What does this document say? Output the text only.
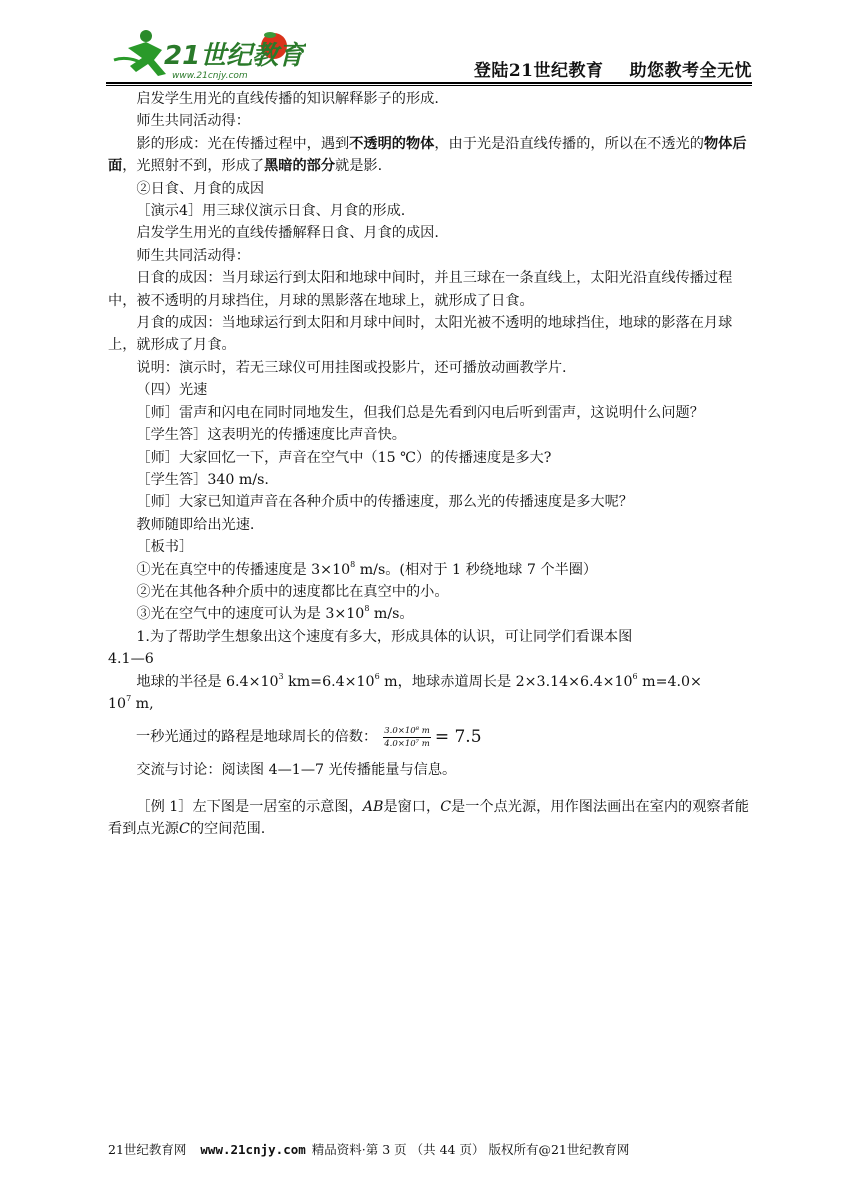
21世纪教育
www.21cnjy.com	登陆21世纪教育 助您教考全无忧

启发学生用光的直线传播的知识解释影子的形成.

师生共同活动得：

影的形成：光在传播过程中，遇到不透明的物体，由于光是沿直线传播的，所以在不透光的物体后面，光照射不到，形成了黑暗的部分就是影.

②日食、月食的成因

［演示4］用三球仪演示日食、月食的形成.

启发学生用光的直线传播解释日食、月食的成因.

师生共同活动得：

日食的成因：当月球运行到太阳和地球中间时，并且三球在一条直线上，太阳光沿直线传播过程中，被不透明的月球挡住，月球的黑影落在地球上，就形成了日食。

月食的成因：当地球运行到太阳和月球中间时，太阳光被不透明的地球挡住，地球的影落在月球上，就形成了月食。

说明：演示时，若无三球仪可用挂图或投影片，还可播放动画教学片.

（四）光速

［师］雷声和闪电在同时同地发生，但我们总是先看到闪电后听到雷声，这说明什么问题？

［学生答］这表明光的传播速度比声音快。

［师］大家回忆一下，声音在空气中（15 ℃）的传播速度是多大?

［学生答］340 m/s.

［师］大家已知道声音在各种介质中的传播速度，那么光的传播速度是多大呢？

教师随即给出光速.

［板书］

①光在真空中的传播速度是 $3\times 10^8$ m/s。(相对于 1 秒绕地球 7 个半圈）

②光在其他各种介质中的速度都比在真空中的小。

③光在空气中的速度可认为是 $3\times 10^8$ m/s。

1.为了帮助学生想象出这个速度有多大，形成具体的认识，可让同学们看课本图

4.1—6

地球的半径是 $6.4\times 10^3$ $km=6.4\times 10^6$ m，地球赤道周长是 $2\times 3.14\times 6.4\times 10^6$ m=4.0×

$10^7$ m,

一秒光通过的路程是地球周长的倍数： $\frac{\text{3.0×10⁸ m}}{\text{4.0×10⁷ m}} = 7.5$

交流与讨论：阅读图 4—1—7 光传播能量与信息。

［例 1］左下图是一居室的示意图，AB是窗口，C是一个点光源，用作图法画出在室内的观察者能看到点光源C的空间范围.

21世纪教育网 www.21cnjy.com 精品资料·第 3 页 （共 44 页） 版权所有@21世纪教育网
